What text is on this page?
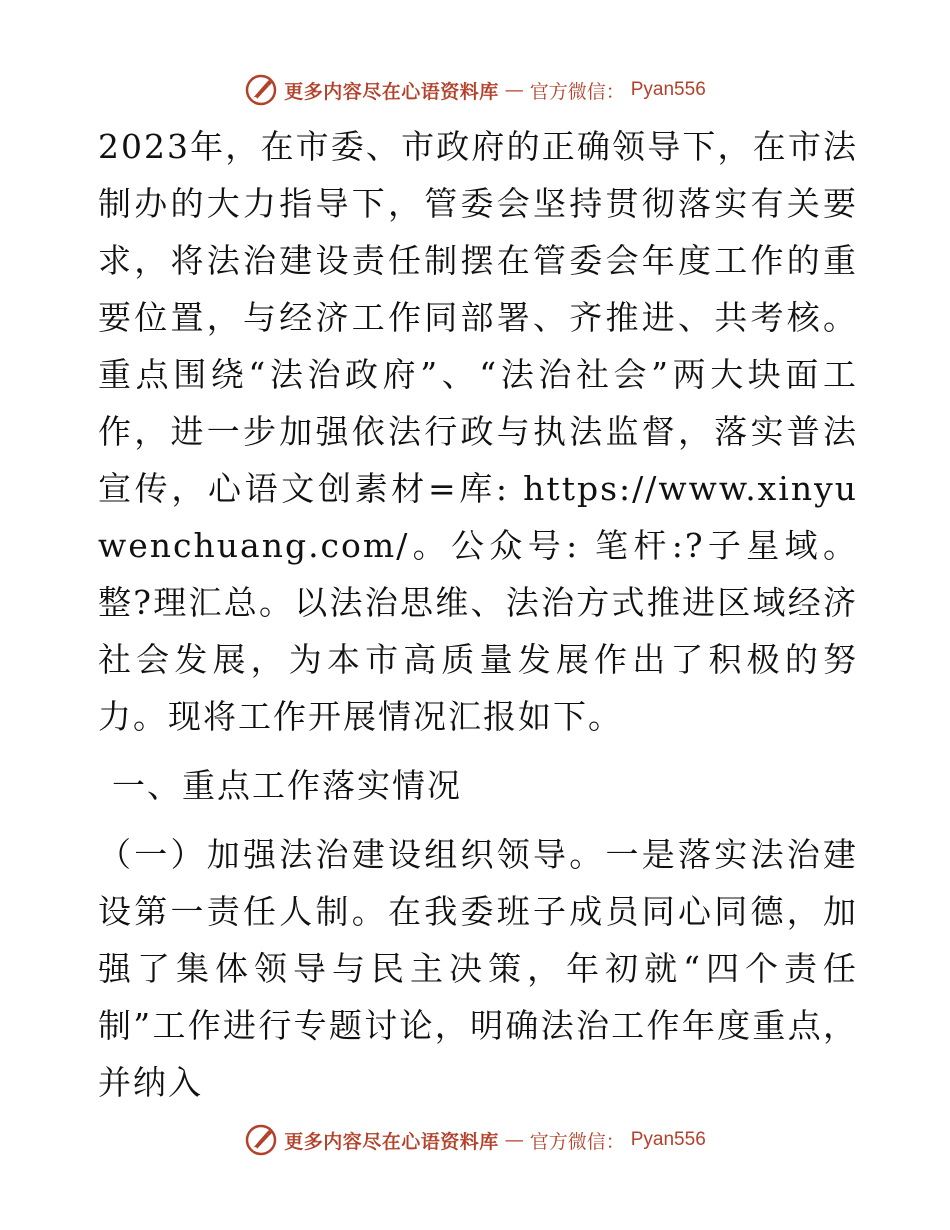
更多内容尽在心语资料库 — 官方微信： Pyan556

2023年，在市委、市政府的正确领导下，在市法制办的大力指导下，管委会坚持贯彻落实有关要求，将法治建设责任制摆在管委会年度工作的重要位置，与经济工作同部署、齐推进、共考核。重点围绕“法治政府”、“法治社会”两大块面工作，进一步加强依法行政与执法监督，落实普法宣传，心语文创素材=库: https://www.xinyuwenchuang.com/。公众号: 笔杆:?子星域。整?理汇总。以法治思维、法治方式推进区域经济社会发展，为本市高质量发展作出了积极的努力。现将工作开展情况汇报如下。

一、重点工作落实情况

（一）加强法治建设组织领导。一是落实法治建设第一责任人制。在我委班子成员同心同德，加强了集体领导与民主决策，年初就“四个责任制”工作进行专题讨论，明确法治工作年度重点，并纳入

更多内容尽在心语资料库 — 官方微信： Pyan556
